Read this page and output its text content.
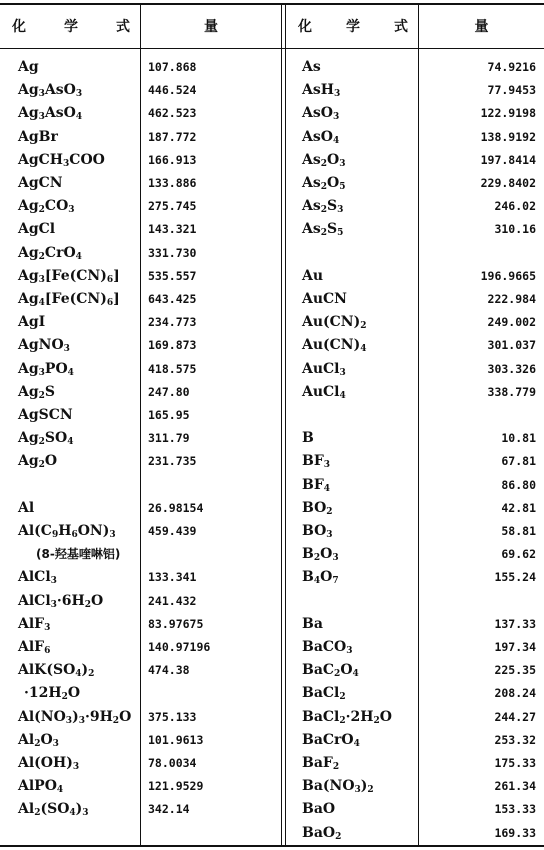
化	学	式	量	化 学 式	量
Ag	107.868
$Ag_3AsO_3$	446.524
$Ag_3AsO_4$	462.523
AgBr	187.772
AgCH$_3$COO	166.913
AgCN	133.886
$Ag_2CO_3$	275.745
AgCl	143.321
$Ag_2CrO_4$	331.730
$Ag_3[Fe(CN)_6]$ 535.557
$Ag_4[Fe(CN)_6]$ 643.425
AgI	234.773
AgNO$_3$	169.873
$Ag_3PO_4$	418.575
$Ag_2S$	247.80
AgSCN	165.95
$Ag_2SO_4$	311.79
$Ag_2O$	231.735
Al	26.98154
$Al(C_9H_6ON)_3$	459.439
(8-羟基喹啉铝)
AlCl$_3$	133.341
$AlCl_3\cdot 6H_2O$	241.432
AlF$_3$	83.97675
AlF$_6$	140.97196
$AlK(SO_4)_2$	474.38
$\cdot 12H_2O$
$Al(NO_3)_3\cdot 9H_2O$ 375.133
$Al_2O_3$	101.9613
$Al(OH)_3$	78.0034
AlPO$_4$	121.9529
$Al_2(SO_4)_3$	342.14
As	74.9216
AsH$_3$	77.9453
AsO$_3$	122.9198
AsO$_4$	138.9192
$As_2O_3$	197.8414
$As_2O_5$	229.8402
$As_2S_3$	246.02
$As_2S_5$	310.16
Au	196.9665
AuCN	222.984
$Au(CN)_2$	249.002
$Au(CN)_4$	301.037
AuCl$_3$	303.326
AuCl$_4$	338.779
B	10.81
$BF_3$	67.81
$BF_4$	86.80
$BO_2$	42.81
$BO_3$	58.81
$B_2O_3$	69.62
$B_4O_7$	155.24
Ba	137.33
BaCO$_3$	197.34
$BaC_2O_4$	225.35
BaCl$_2$	208.24
$BaCl_2\cdot 2H_2O$	244.27
BaCrO$_4$	253.32
BaF$_2$	175.33
$Ba(NO_3)_2$	261.34
BaO	153.33
BaO$_2$	169.33
